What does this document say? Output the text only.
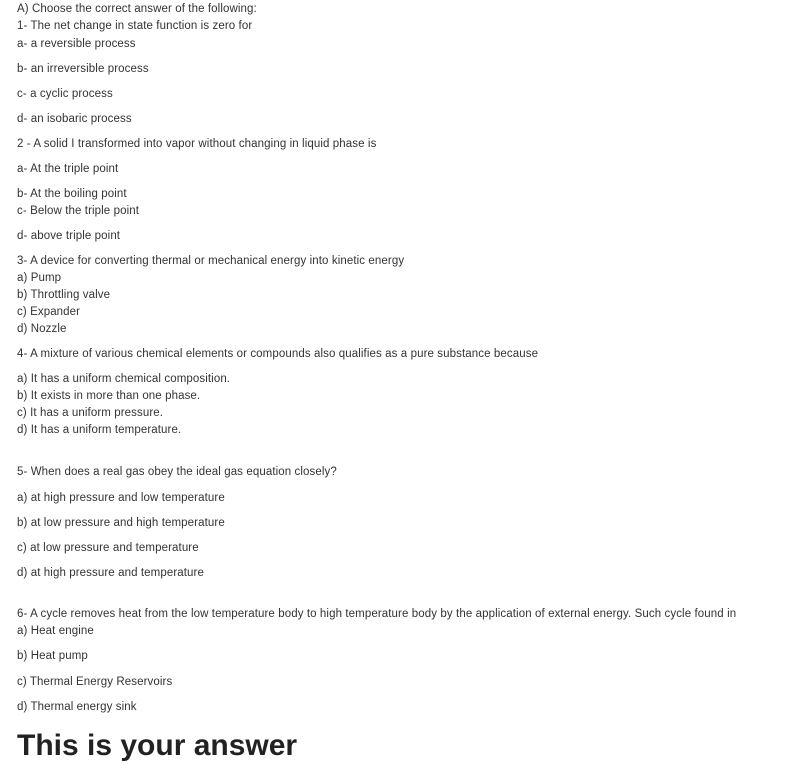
A) Choose the correct answer of the following:
1- The net change in state function is zero for
a- a reversible process
b- an irreversible process
c- a cyclic process
d- an isobaric process
2 - A solid I transformed into vapor without changing in liquid phase is
a- At the triple point
b- At the boiling point
c- Below the triple point
d- above triple point
3- A device for converting thermal or mechanical energy into kinetic energy
a) Pump
b) Throttling valve
c) Expander
d) Nozzle
4- A mixture of various chemical elements or compounds also qualifies as a pure substance because
a) It has a uniform chemical composition.
b) It exists in more than one phase.
c) It has a uniform pressure.
d) It has a uniform temperature.
5- When does a real gas obey the ideal gas equation closely?
a) at high pressure and low temperature
b) at low pressure and high temperature
c) at low pressure and temperature
d) at high pressure and temperature
6- A cycle removes heat from the low temperature body to high temperature body by the application of external energy. Such cycle found in
a) Heat engine
b) Heat pump
c) Thermal Energy Reservoirs
d) Thermal energy sink
This is your answer
